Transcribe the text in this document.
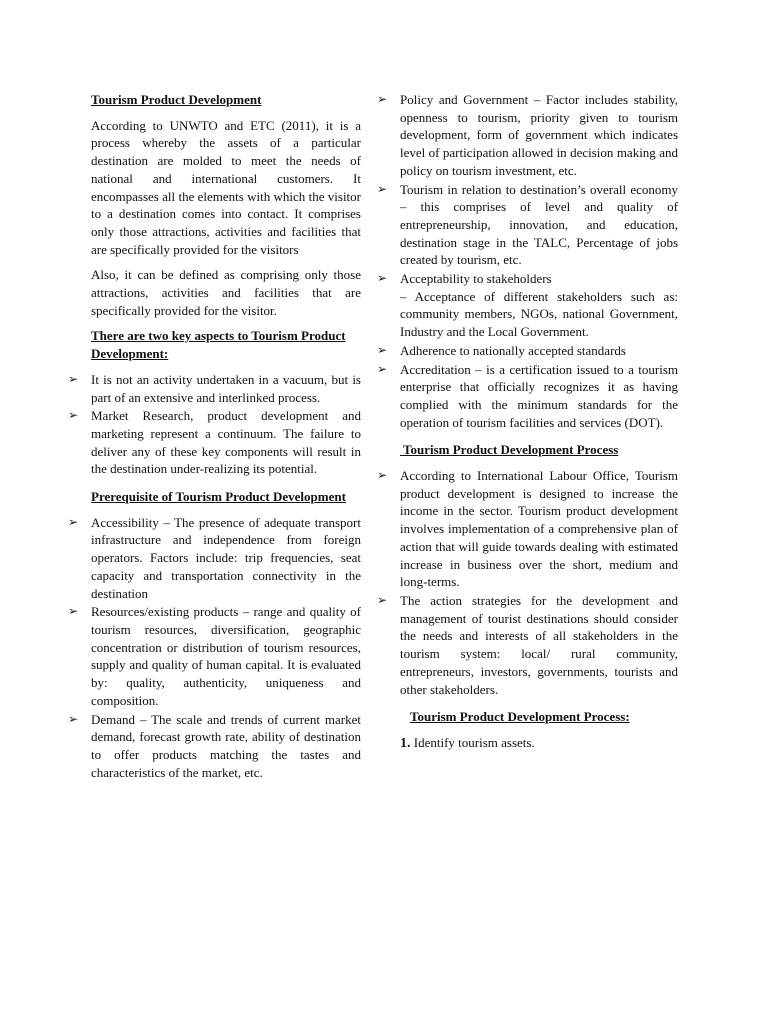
Tourism Product Development

According to UNWTO and ETC (2011), it is a process whereby the assets of a particular destination are molded to meet the needs of national and international customers. It encompasses all the elements with which the visitor to a destination comes into contact. It comprises only those attractions, activities and facilities that are specifically provided for the visitors

Also, it can be defined as comprising only those attractions, activities and facilities that are specifically provided for the visitor.

There are two key aspects to Tourism Product Development:
➢ It is not an activity undertaken in a vacuum, but is part of an extensive and interlinked process.
➢ Market Research, product development and marketing represent a continuum. The failure to deliver any of these key components will result in the destination under-realizing its potential.
Prerequisite of Tourism Product Development
➢ Accessibility – The presence of adequate transport infrastructure and independence from foreign operators. Factors include: trip frequencies, seat capacity and transportation connectivity in the destination
➢ Resources/existing products – range and quality of tourism resources, diversification, geographic concentration or distribution of tourism resources, supply and quality of human capital. It is evaluated by: quality, authenticity, uniqueness and composition.
➢ Demand – The scale and trends of current market demand, forecast growth rate, ability of destination to offer products matching the tastes and characteristics of the market, etc.
➢ Policy and Government – Factor includes stability, openness to tourism, priority given to tourism development, form of government which indicates level of participation allowed in decision making and policy on tourism investment, etc.
➢ Tourism in relation to destination’s overall economy – this comprises of level and quality of entrepreneurship, innovation, and education, destination stage in the TALC, Percentage of jobs created by tourism, etc.
➢ Acceptability to stakeholders
– Acceptance of different stakeholders such as: community members, NGOs, national Government, Industry and the Local Government.
➢ Adherence to nationally accepted standards
➢ Accreditation – is a certification issued to a tourism enterprise that officially recognizes it as having complied with the minimum standards for the operation of tourism facilities and services (DOT).
Tourism Product Development Process
➢ According to International Labour Office, Tourism product development is designed to increase the income in the sector. Tourism product development involves implementation of a comprehensive plan of action that will guide towards dealing with estimated increase in business over the short, medium and long-terms.
➢ The action strategies for the development and management of tourist destinations should consider the needs and interests of all stakeholders in the tourism system: local/ rural community, entrepreneurs, investors, governments, tourists and other stakeholders.
Tourism Product Development Process:

1. Identify tourism assets.
